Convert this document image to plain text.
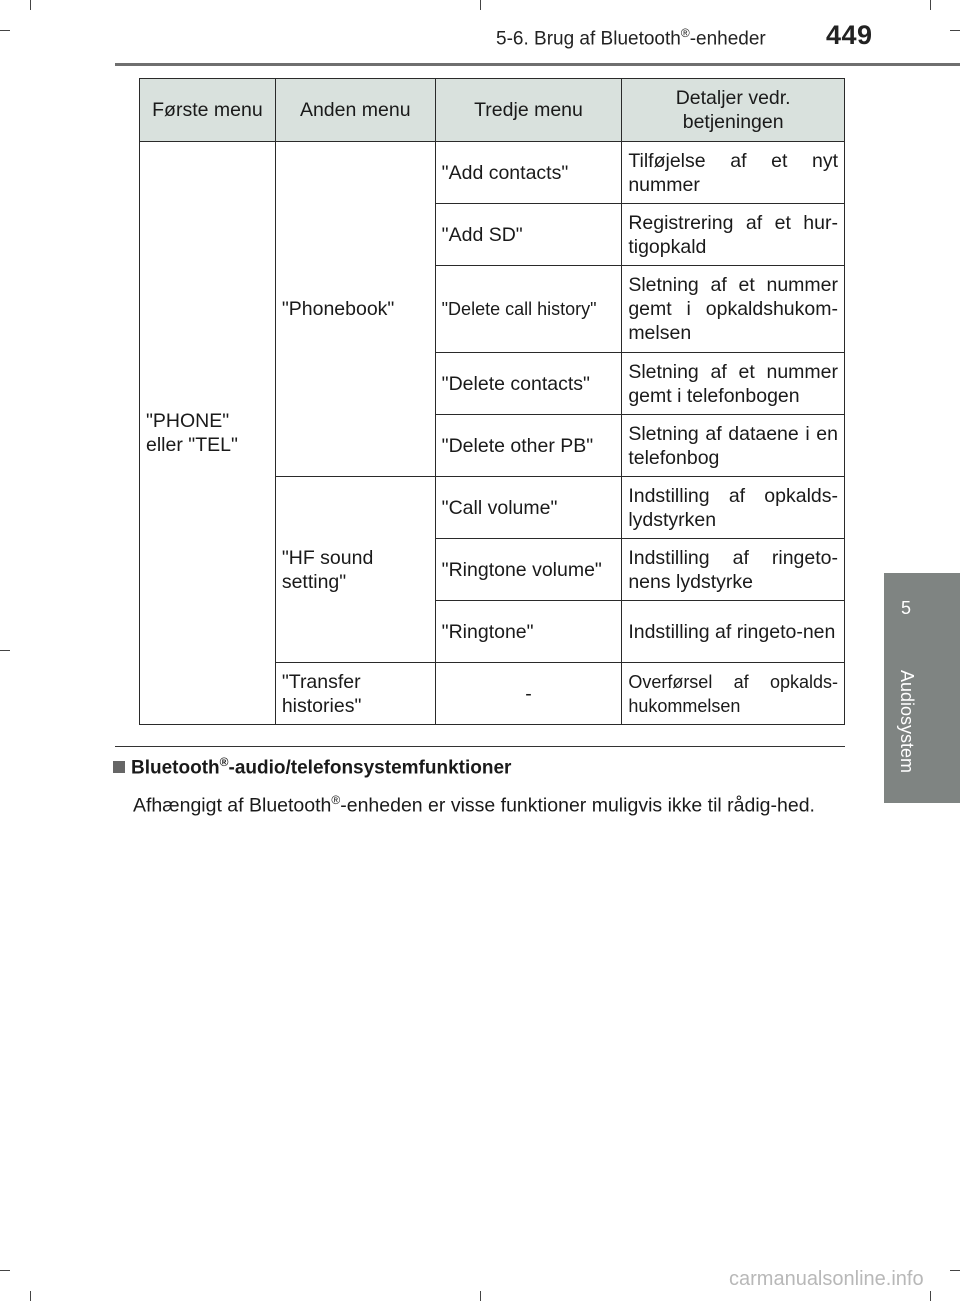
5-6. Brug af Bluetooth®-enheder 449
5
Audiosystem
Første menu	Anden menu	Tredje menu	Detaljer vedr. betjeningen
"PHONE" eller "TEL"	"Phonebook"	"Add contacts"	Tilføjelse af et nyt nummer
		"Add SD"	Registrering af et hur-tigopkald
		"Delete call history"	Sletning af et nummer gemt i opkaldshukom-melsen
		"Delete contacts"	Sletning af et nummer gemt i telefonbogen
		"Delete other PB"	Sletning af dataene i en telefonbog
	"HF sound setting"	"Call volume"	Indstilling af opkalds-lydstyrken
		"Ringtone volume"	Indstilling af ringeto-nens lydstyrke
		"Ringtone"	Indstilling af ringeto-nen
	"Transfer histories"	-	Overførsel af opkalds-hukommelsen
Bluetooth®-audio/telefonsystemfunktioner
Afhængigt af Bluetooth®-enheden er visse funktioner muligvis ikke til rådig-hed.
carmanualsonline.info
